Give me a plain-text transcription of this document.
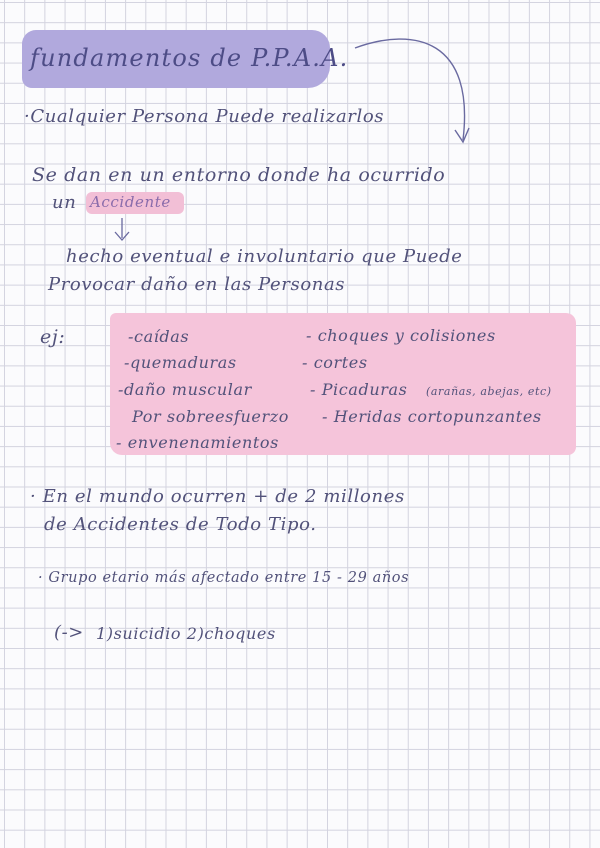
fundamentos de P.P.A.A.
·Cualquier Persona Puede realizarlos
Se dan en un entorno donde ha ocurrido
un Accidente
hecho eventual e involuntario que Puede
Provocar daño en las Personas
ej:	-caídas
-quemaduras
-daño muscular
Por sobreesfuerzo
- envenenamientos
- choques y colisiones
- cortes
- Picaduras (arañas, abejas, etc)
- Heridas cortopunzantes
· En el mundo ocurren + de 2 millones
de Accidentes de Todo Tipo.
· Grupo etario más afectado entre 15 - 29 años
(-> 1)suicidio 2)choques
